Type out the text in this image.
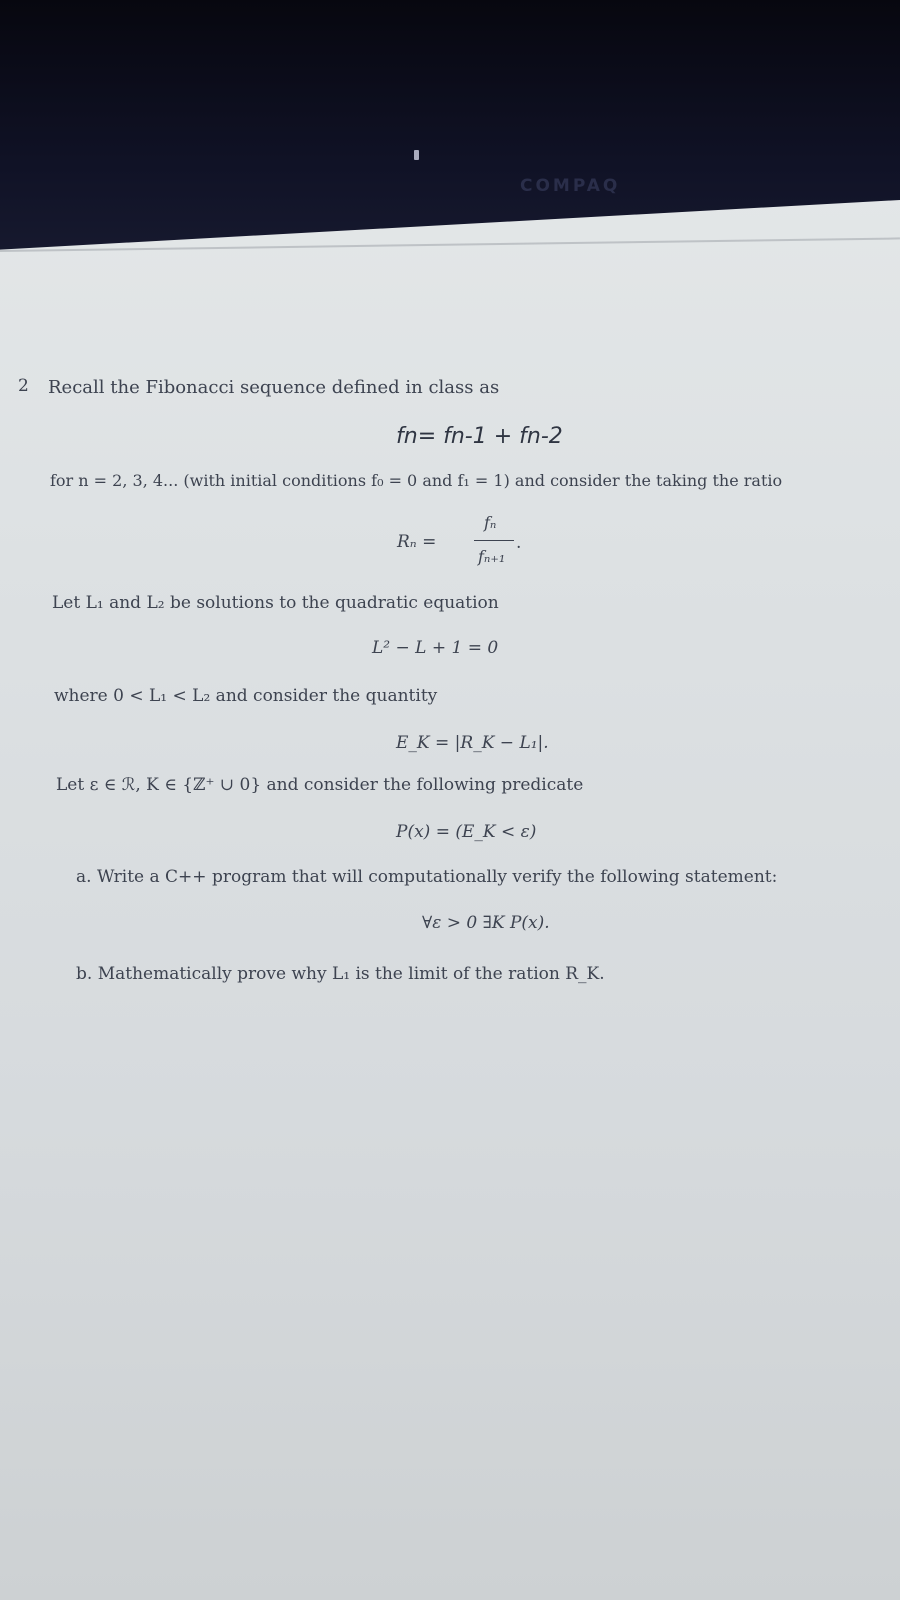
COMPAQ
2 Recall the Fibonacci sequence defined in class as
fn= fn-1 + fn-2
for n = 2, 3, 4... (with initial conditions f₀ = 0 and f₁ = 1) and consider the taking the ratio
Rₙ =
fₙ
fₙ₊₁
.
Let L₁ and L₂ be solutions to the quadratic equation
L² − L + 1 = 0
where 0 < L₁ < L₂ and consider the quantity
E_K = |R_K − L₁|.
Let ε ∈ ℛ, K ∈ {ℤ⁺ ∪ 0} and consider the following predicate
P(x) = (E_K < ε)
a. Write a C++ program that will computationally verify the following statement:
∀ε > 0 ∃K P(x).
b. Mathematically prove why L₁ is the limit of the ration R_K.
